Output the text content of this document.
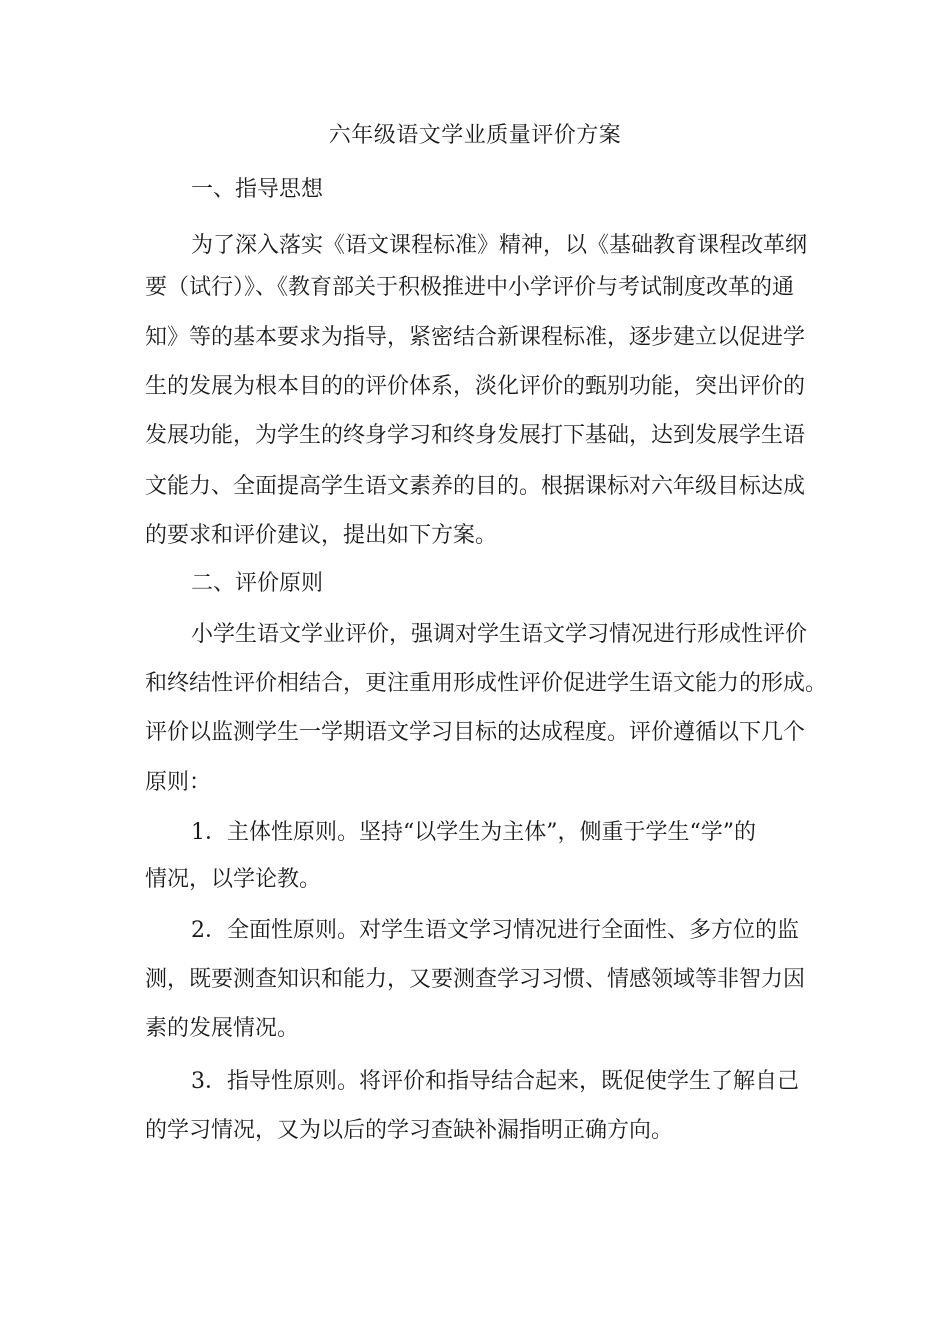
六年级语文学业质量评价方案
一、指导思想
为了深入落实《语文课程标准》精神，以《基础教育课程改革纲
要（试行）》、《教育部关于积极推进中小学评价与考试制度改革的通
知》等的基本要求为指导，紧密结合新课程标准，逐步建立以促进学
生的发展为根本目的的评价体系，淡化评价的甄别功能，突出评价的
发展功能，为学生的终身学习和终身发展打下基础，达到发展学生语
文能力、全面提高学生语文素养的目的。根据课标对六年级目标达成
的要求和评价建议，提出如下方案。
二、评价原则
小学生语文学业评价，强调对学生语文学习情况进行形成性评价
和终结性评价相结合，更注重用形成性评价促进学生语文能力的形成。
评价以监测学生一学期语文学习目标的达成程度。评价遵循以下几个
原则：
1．主体性原则。坚持“以学生为主体”，侧重于学生“学”的
情况，以学论教。
2．全面性原则。对学生语文学习情况进行全面性、多方位的监
测，既要测查知识和能力，又要测查学习习惯、情感领域等非智力因
素的发展情况。
3．指导性原则。将评价和指导结合起来，既促使学生了解自己
的学习情况，又为以后的学习查缺补漏指明正确方向。
